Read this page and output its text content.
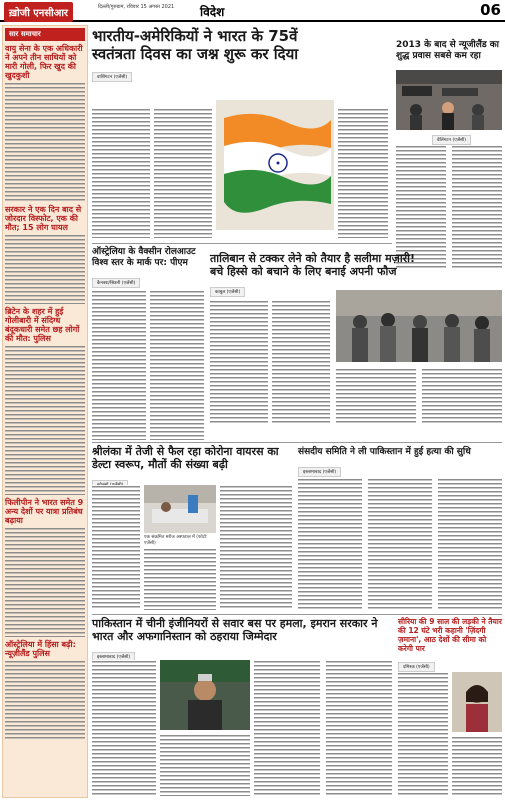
ख़ोजी एनसीआर
दिल्ली/गुरुग्राम, रविवार 15 अगस्त 2021	विदेश	06
सार समाचार
वायु सेना के एक अधिकारी ने अपने तीन साथियों को मारी गोली, फिर खुद की खुदकुशी
सरकार ने एक दिन बाद से जोरदार विस्फोट, एक की मौत; 15 लोग घायल
ब्रिटेन के शहर में हुई गोलीबारी में संदिग्ध बंदूकधारी समेत छह लोगों की मौत: पुलिस
फिलीपीन ने भारत समेत 9 अन्य देशों पर यात्रा प्रतिबंध बढ़ाया
ऑस्ट्रेलिया में हिंसा बढ़ी: न्यूज़ीलैंड पुलिस
भारतीय-अमेरिकियों ने भारत के 75वें
स्वतंत्रता दिवस का जश्न शुरू कर दिया
वाशिंगटन (एजेंसी)
2013 के बाद से न्यूजीलैंड का शुद्ध प्रवास सबसे कम रहा
वेलिंगटन (एजेंसी)
ऑस्ट्रेलिया के वैक्सीन रोलआउट विश्व स्तर के मार्क पर: पीएम
कैनबरा/सिडनी (एजेंसी)
तालिबान से टक्कर लेने को तैयार है सलीमा मज़ारी!
बचे हिस्से को बचाने के लिए बनाई अपनी फौज
काबुल (एजेंसी)
श्रीलंका में तेजी से फैल रहा कोरोना वायरस का डेल्टा स्वरूप, मौतों की संख्या बढ़ी
एक संक्रमित मरीज अस्पताल में (फोटो: एजेंसी)
संसदीय समिति ने ली पाकिस्तान में हुई हत्या की सुधि
इस्लामाबाद (एजेंसी)
पाकिस्तान में चीनी इंजीनियरों से सवार बस पर हमला, इमरान सरकार ने भारत और अफगानिस्तान को ठहराया जिम्मेदार
इस्लामाबाद (एजेंसी)
सीरिया की 9 साल की लड़की ने तैयार की 12 घंटे भरी कहानी 'ज़िंदगी ज़माना', आठ देशों की सीमा को करेगी पार
दमिश्क (एजेंसी)
